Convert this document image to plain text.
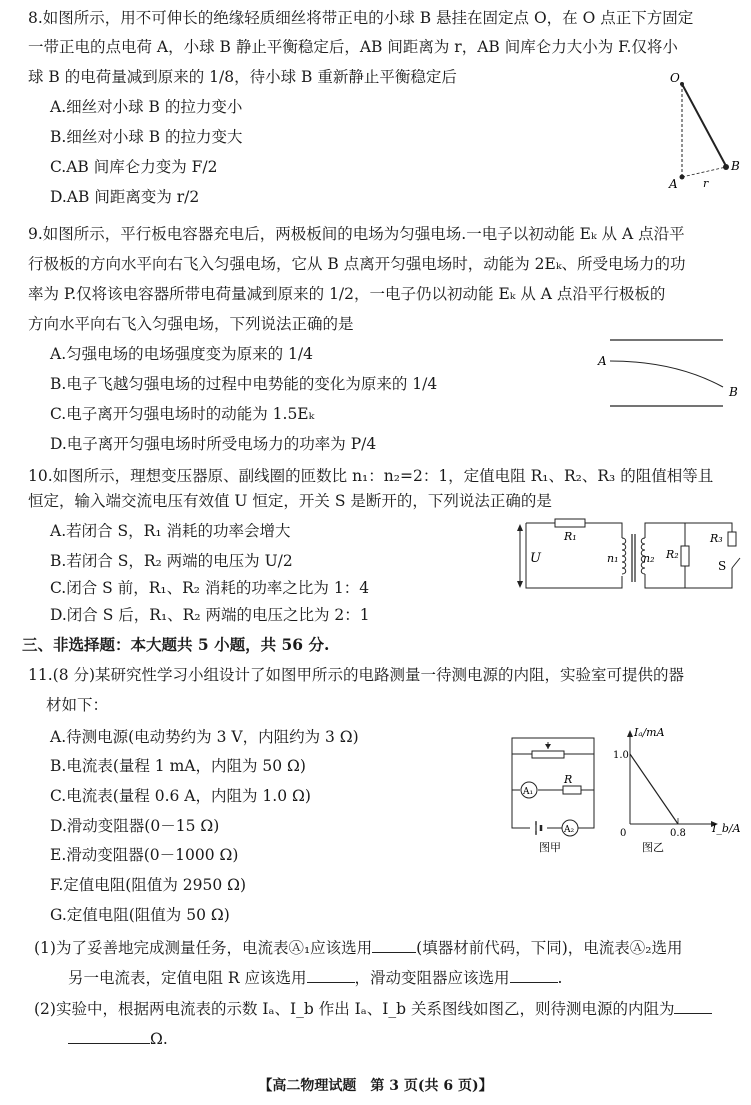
8.如图所示，用不可伸长的绝缘轻质细丝将带正电的小球 B 悬挂在固定点 O，在 O 点正下方固定
一带正电的点电荷 A，小球 B 静止平衡稳定后，AB 间距离为 r，AB 间库仑力大小为 F.仅将小
球 B 的电荷量减到原来的 1/8，待小球 B 重新静止平衡稳定后
A.细丝对小球 B 的拉力变小
B.细丝对小球 B 的拉力变大
C.AB 间库仑力变为 F/2
D.AB 间距离变为 r/2
O
A
B
r
9.如图所示，平行板电容器充电后，两极板间的电场为匀强电场.一电子以初动能 Eₖ 从 A 点沿平
行极板的方向水平向右飞入匀强电场，它从 B 点离开匀强电场时，动能为 2Eₖ、所受电场力的功
率为 P.仅将该电容器所带电荷量减到原来的 1/2，一电子仍以初动能 Eₖ 从 A 点沿平行极板的
方向水平向右飞入匀强电场，下列说法正确的是
A.匀强电场的电场强度变为原来的 1/4
B.电子飞越匀强电场的过程中电势能的变化为原来的 1/4
C.电子离开匀强电场时的动能为 1.5Eₖ
D.电子离开匀强电场时所受电场力的功率为 P/4
A
B
10.如图所示，理想变压器原、副线圈的匝数比 n₁：n₂=2：1，定值电阻 R₁、R₂、R₃ 的阻值相等且
恒定，输入端交流电压有效值 U 恒定，开关 S 是断开的，下列说法正确的是
A.若闭合 S，R₁ 消耗的功率会增大
B.若闭合 S，R₂ 两端的电压为 U/2
C.闭合 S 前，R₁、R₂ 消耗的功率之比为 1：4
D.闭合 S 后，R₁、R₂ 两端的电压之比为 2：1
U
R₁
n₁ n₂ R₂
R₃
S
三、非选择题：本大题共 5 小题，共 56 分.
11.(8 分)某研究性学习小组设计了如图甲所示的电路测量一待测电源的内阻，实验室可提供的器
材如下：
A.待测电源(电动势约为 3 V，内阻约为 3 Ω)
B.电流表(量程 1 mA，内阻为 50 Ω)
C.电流表(量程 0.6 A，内阻为 1.0 Ω)
D.滑动变阻器(0－15 Ω)
E.滑动变阻器(0－1000 Ω)
F.定值电阻(阻值为 2950 Ω)
G.定值电阻(阻值为 50 Ω)
(1)为了妥善地完成测量任务，电流表Ⓐ₁应该选用	(填器材前代码，下同)，电流表Ⓐ₂选用
另一电流表，定值电阻 R 应该选用	，滑动变阻器应该选用	.
(2)实验中，根据两电流表的示数 Iₐ、I_b 作出 Iₐ、I_b 关系图线如图乙，则待测电源的内阻为
Ω.
A₁
A₂
R
图甲
Iₐ/mA
1.0
0	0.8 I_b/A
图乙
【高二物理试题　第 3 页(共 6 页)】
